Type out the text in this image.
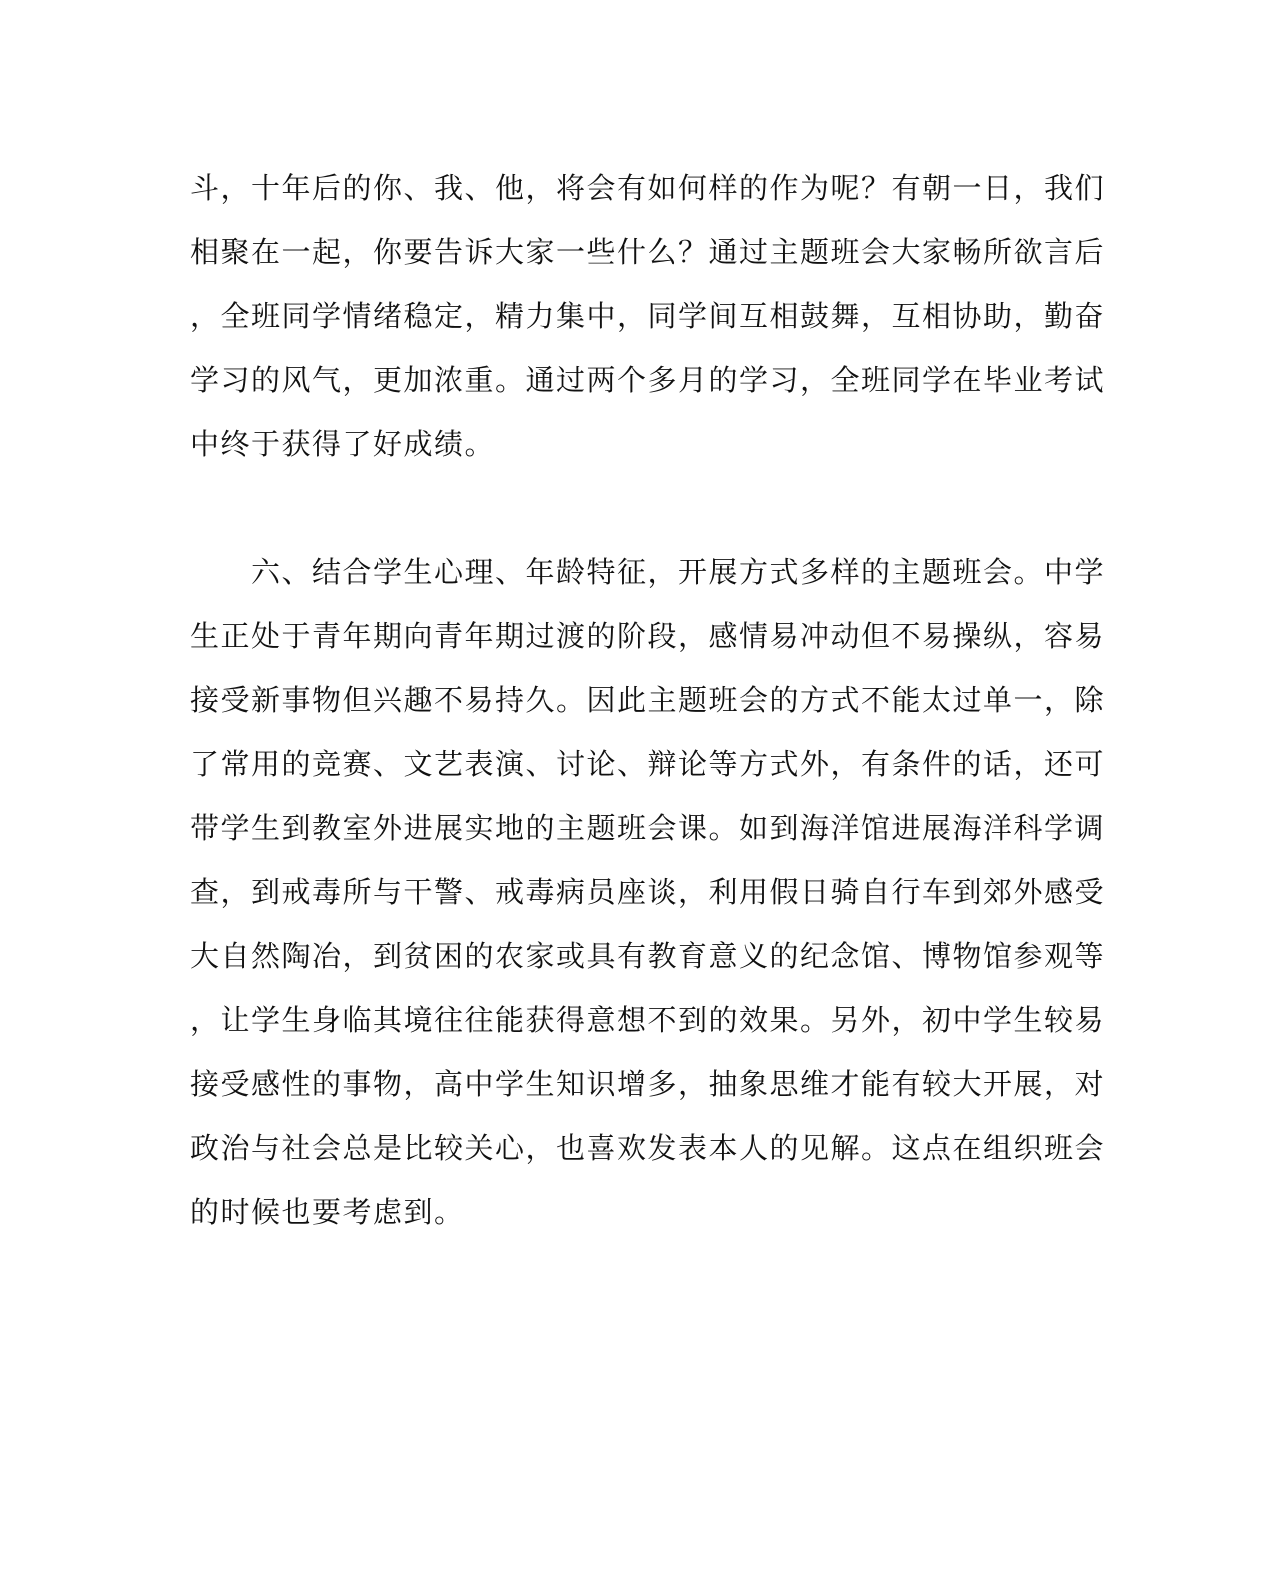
斗，十年后的你、我、他，将会有如何样的作为呢？有朝一日，我们
相聚在一起，你要告诉大家一些什么？通过主题班会大家畅所欲言后
，全班同学情绪稳定，精力集中，同学间互相鼓舞，互相协助，勤奋
学习的风气，更加浓重。通过两个多月的学习，全班同学在毕业考试
中终于获得了好成绩。
　　六、结合学生心理、年龄特征，开展方式多样的主题班会。中学
生正处于青年期向青年期过渡的阶段，感情易冲动但不易操纵，容易
接受新事物但兴趣不易持久。因此主题班会的方式不能太过单一，除
了常用的竞赛、文艺表演、讨论、辩论等方式外，有条件的话，还可
带学生到教室外进展实地的主题班会课。如到海洋馆进展海洋科学调
查，到戒毒所与干警、戒毒病员座谈，利用假日骑自行车到郊外感受
大自然陶冶，到贫困的农家或具有教育意义的纪念馆、博物馆参观等
，让学生身临其境往往能获得意想不到的效果。另外，初中学生较易
接受感性的事物，高中学生知识增多，抽象思维才能有较大开展，对
政治与社会总是比较关心，也喜欢发表本人的见解。这点在组织班会
的时候也要考虑到。
